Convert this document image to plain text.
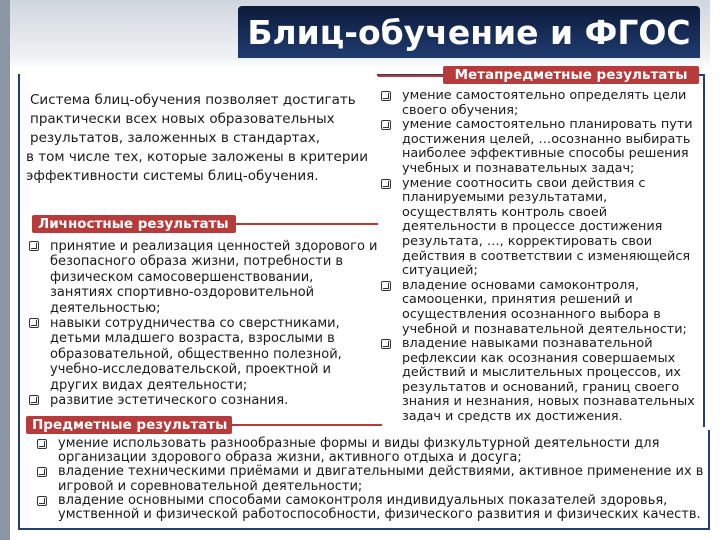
Блиц-обучение и ФГОС
Система блиц-обучения позволяет достигать
практически всех новых образовательных
результатов, заложенных в стандартах,
в том числе тех, которые заложены в критерии
эффективности системы блиц-обучения.
Метапредметные результаты
умение самостоятельно определять цели своего обучения;
умение самостоятельно планировать пути достижения целей, …осознанно выбирать наиболее эффективные способы решения учебных и познавательных задач;
умение соотносить свои действия с планируемыми результатами, осуществлять контроль своей деятельности в процессе достижения результата, …, корректировать свои действия в соответствии с изменяющейся ситуацией;
владение основами самоконтроля, самооценки, принятия решений и осуществления осознанного выбора в учебной и познавательной деятельности;
владение навыками познавательной рефлексии как осознания совершаемых действий и мыслительных процессов, их результатов и оснований, границ своего знания и незнания, новых познавательных задач и средств их достижения.
Личностные результаты
принятие и реализация ценностей здорового и безопасного образа жизни, потребности в физическом самосовершенствовании, занятиях спортивно-оздоровительной деятельностью;
навыки сотрудничества со сверстниками, детьми младшего возраста, взрослыми в образовательной, общественно полезной, учебно-исследовательской, проектной и других видах деятельности;
развитие эстетического сознания.
Предметные результаты
умение использовать разнообразные формы и виды физкультурной деятельности для организации здорового образа жизни, активного отдыха и досуга;
владение техническими приёмами и двигательными действиями, активное применение их в игровой и соревновательной деятельности;
владение основными способами самоконтроля индивидуальных показателей здоровья, умственной и физической работоспособности, физического развития и физических качеств.
